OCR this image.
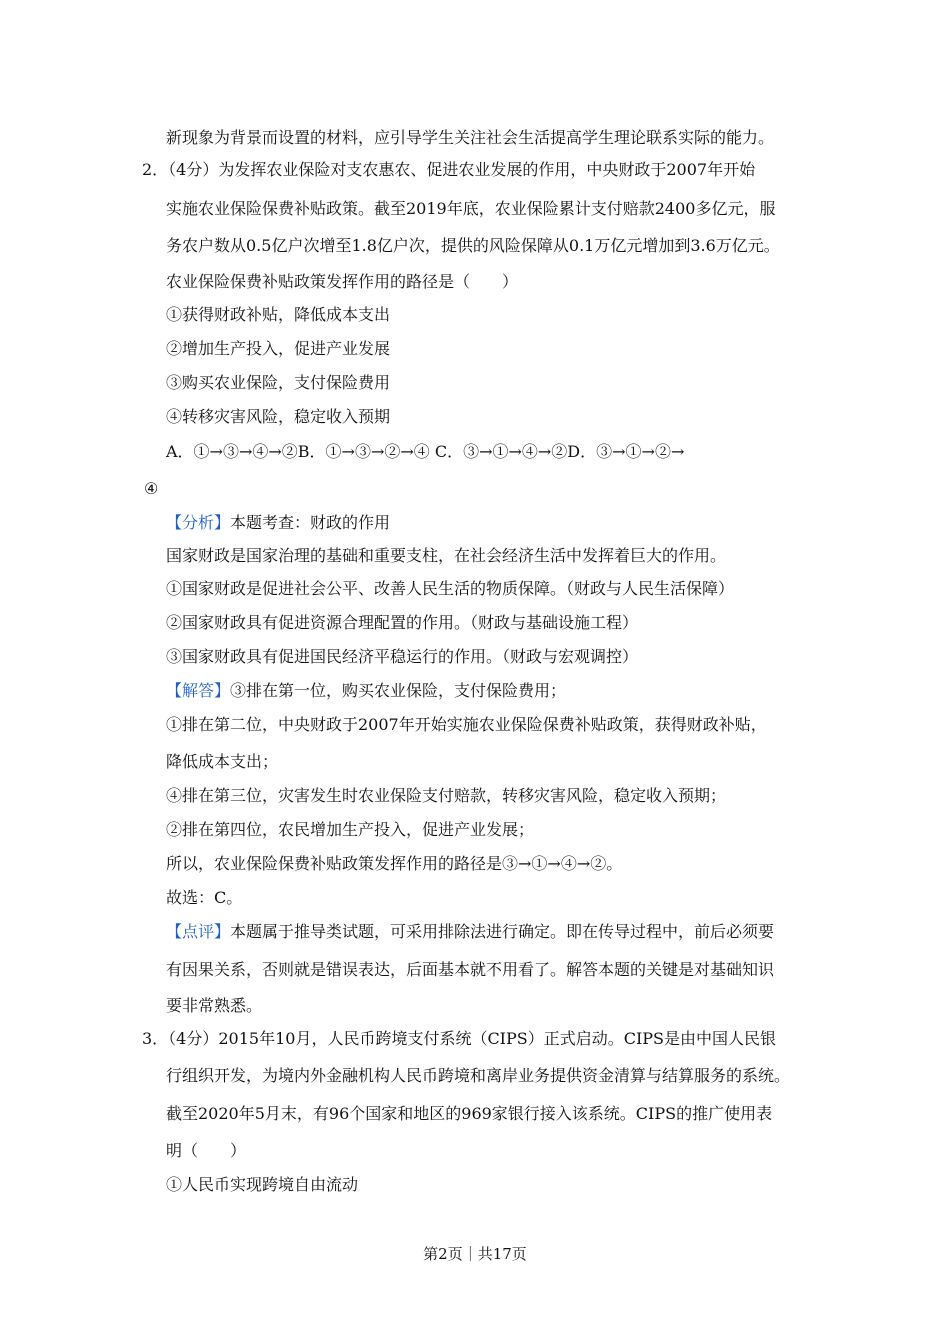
新现象为背景而设置的材料，应引导学生关注社会生活提高学生理论联系实际的能力。
2．（4分）为发挥农业保险对支农惠农、促进农业发展的作用，中央财政于2007年开始
实施农业保险保费补贴政策。截至2019年底，农业保险累计支付赔款2400多亿元，服
务农户数从0.5亿户次增至1.8亿户次，提供的风险保障从0.1万亿元增加到3.6万亿元。
农业保险保费补贴政策发挥作用的路径是（　　）
①获得财政补贴，降低成本支出
②增加生产投入，促进产业发展
③购买农业保险，支付保险费用
④转移灾害风险，稳定收入预期
A．①→③→④→②B．①→③→②→④ C．③→①→④→②D．③→①→②→
④
【分析】本题考查：财政的作用
国家财政是国家治理的基础和重要支柱，在社会经济生活中发挥着巨大的作用。
①国家财政是促进社会公平、改善人民生活的物质保障。（财政与人民生活保障）
②国家财政具有促进资源合理配置的作用。（财政与基础设施工程）
③国家财政具有促进国民经济平稳运行的作用。（财政与宏观调控）
【解答】③排在第一位，购买农业保险，支付保险费用；
①排在第二位，中央财政于2007年开始实施农业保险保费补贴政策，获得财政补贴，
降低成本支出；
④排在第三位，灾害发生时农业保险支付赔款，转移灾害风险，稳定收入预期；
②排在第四位，农民增加生产投入，促进产业发展；
所以，农业保险保费补贴政策发挥作用的路径是③→①→④→②。
故选：C。
【点评】本题属于推导类试题，可采用排除法进行确定。即在传导过程中，前后必须要
有因果关系，否则就是错误表达，后面基本就不用看了。解答本题的关键是对基础知识
要非常熟悉。
3．（4分）2015年10月，人民币跨境支付系统（CIPS）正式启动。CIPS是由中国人民银
行组织开发，为境内外金融机构人民币跨境和离岸业务提供资金清算与结算服务的系统。
截至2020年5月末，有96个国家和地区的969家银行接入该系统。CIPS的推广使用表
明（　　）
①人民币实现跨境自由流动
第2页｜共17页
